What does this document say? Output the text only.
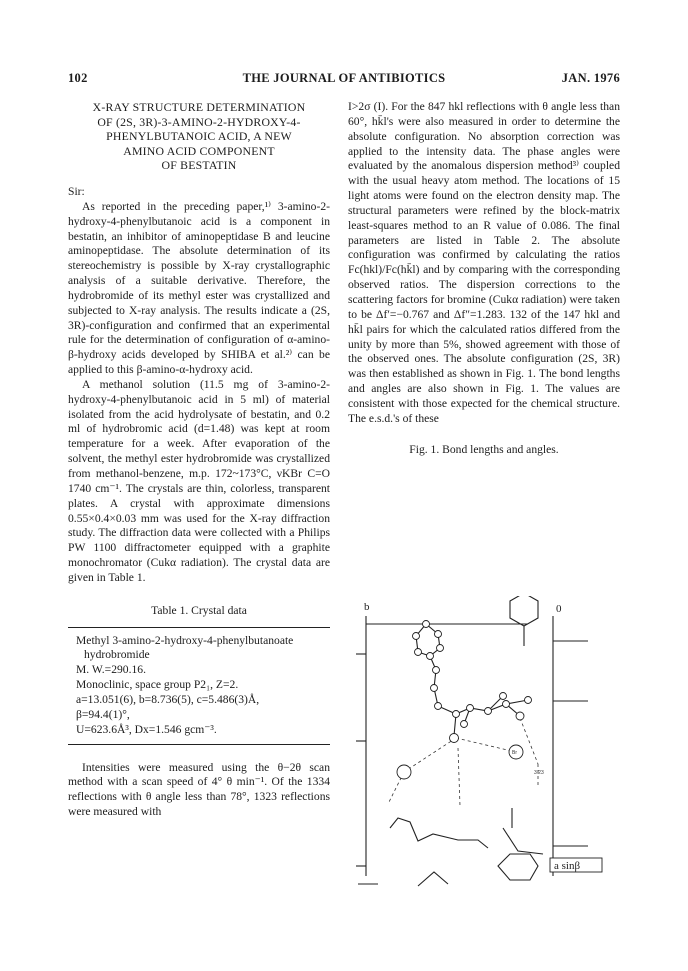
102	THE JOURNAL OF ANTIBIOTICS	JAN. 1976
X-RAY STRUCTURE DETERMINATION
OF (2S, 3R)-3-AMINO-2-HYDROXY-4-
PHENYLBUTANOIC ACID, A NEW
AMINO ACID COMPONENT
OF BESTATIN

Sir:

As reported in the preceding paper,¹⁾ 3-amino-2-hydroxy-4-phenylbutanoic acid is a component in bestatin, an inhibitor of aminopeptidase B and leucine aminopeptidase. The absolute determination of its stereochemistry is possible by X-ray crystallographic analysis of a suitable derivative. Therefore, the hydrobromide of its methyl ester was crystallized and subjected to X-ray analysis. The results indicate a (2S, 3R)-configuration and confirmed that an experimental rule for the determination of configuration of α-amino-β-hydroxy acids developed by SHIBA et al.²⁾ can be applied to this β-amino-α-hydroxy acid.

A methanol solution (11.5 mg of 3-amino-2-hydroxy-4-phenylbutanoic acid in 5 ml) of material isolated from the acid hydrolysate of bestatin, and 0.2 ml of hydrobromic acid (d=1.48) was kept at room temperature for a week. After evaporation of the solvent, the methyl ester hydrobromide was crystallized from methanol-benzene, m.p. 172~173°C, νKBr C=O 1740 cm⁻¹. The crystals are thin, colorless, transparent plates. A crystal with approximate dimensions 0.55×0.4×0.03 mm was used for the X-ray diffraction study. The diffraction data were collected with a Philips PW 1100 diffractometer equipped with a graphite monochromator (Cukα radiation). The crystal data are given in Table 1.

Table 1. Crystal data
Methyl 3-amino-2-hydroxy-4-phenylbutanoate
hydrobromide
M. W.=290.16.
Monoclinic, space group P2₁, Z=2.
a=13.051(6), b=8.736(5), c=5.486(3)Å,
β=94.4(1)°,
U=623.6Å³, Dx=1.546 gcm⁻³.

Intensities were measured using the θ−2θ scan method with a scan speed of 4° θ min⁻¹. Of the 1334 reflections with θ angle less than 78°, 1323 reflections were measured with

I>2σ (I). For the 847 hkl reflections with θ angle less than 60°, hk̄l's were also measured in order to determine the absolute configuration. No absorption correction was applied to the intensity data. The phase angles were evaluated by the anomalous dispersion method³⁾ coupled with the usual heavy atom method. The locations of 15 light atoms were found on the electron density map. The structural parameters were refined by the block-matrix least-squares method to an R value of 0.086. The final parameters are listed in Table 2. The absolute configuration was confirmed by calculating the ratios Fc(hkl)/Fc(hk̄l) and by comparing with the corresponding observed ratios. The dispersion corrections to the scattering factors for bromine (Cukα radiation) were taken to be Δf′=−0.767 and Δf″=1.283. 132 of the 147 hkl and hk̄l pairs for which the calculated ratios differed from the unity by more than 5%, showed agreement with those of the observed ones. The absolute configuration (2S, 3R) was then established as shown in Fig. 1. The bond lengths and angles are also shown in Fig. 1. The values are consistent with those expected for the chemical structure. The e.s.d.'s of these

Fig. 1. Bond lengths and angles.
b	0
Br
3.23
a sinβ
